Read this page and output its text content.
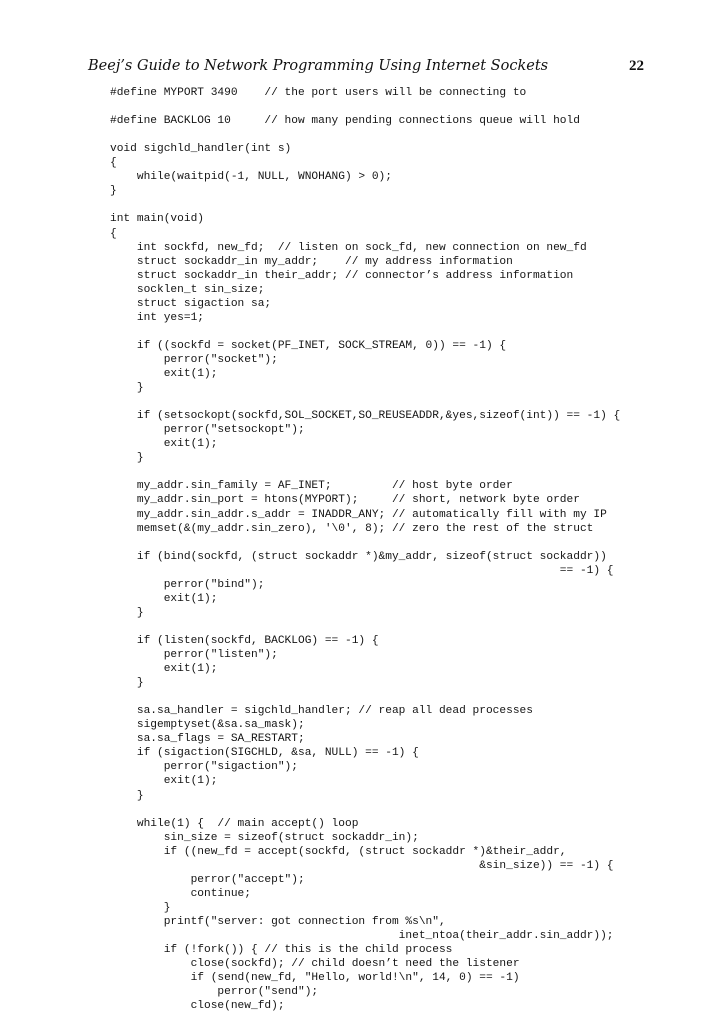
Beej’s Guide to Network Programming Using Internet Sockets	22
#define MYPORT 3490    // the port users will be connecting to
#define BACKLOG 10     // how many pending connections queue will hold
void sigchld_handler(int s)
{
while(waitpid(-1, NULL, WNOHANG) > 0);
}
int main(void)
{
int sockfd, new_fd;  // listen on sock_fd, new connection on new_fd
struct sockaddr_in my_addr;    // my address information
struct sockaddr_in their_addr; // connector’s address information
socklen_t sin_size;
struct sigaction sa;
int yes=1;
if ((sockfd = socket(PF_INET, SOCK_STREAM, 0)) == -1) {
perror("socket");
exit(1);
}
if (setsockopt(sockfd,SOL_SOCKET,SO_REUSEADDR,&yes,sizeof(int)) == -1) {
perror("setsockopt");
exit(1);
}
my_addr.sin_family = AF_INET;         // host byte order
my_addr.sin_port = htons(MYPORT);     // short, network byte order
my_addr.sin_addr.s_addr = INADDR_ANY; // automatically fill with my IP
memset(&(my_addr.sin_zero), '\0', 8); // zero the rest of the struct
if (bind(sockfd, (struct sockaddr *)&my_addr, sizeof(struct sockaddr))
== -1) {
perror("bind");
exit(1);
}
if (listen(sockfd, BACKLOG) == -1) {
perror("listen");
exit(1);
}
sa.sa_handler = sigchld_handler; // reap all dead processes
sigemptyset(&sa.sa_mask);
sa.sa_flags = SA_RESTART;
if (sigaction(SIGCHLD, &sa, NULL) == -1) {
perror("sigaction");
exit(1);
}
while(1) {  // main accept() loop
sin_size = sizeof(struct sockaddr_in);
if ((new_fd = accept(sockfd, (struct sockaddr *)&their_addr,
&sin_size)) == -1) {
perror("accept");
continue;
}
printf("server: got connection from %s\n",
inet_ntoa(their_addr.sin_addr));
if (!fork()) { // this is the child process
close(sockfd); // child doesn’t need the listener
if (send(new_fd, "Hello, world!\n", 14, 0) == -1)
perror("send");
close(new_fd);
